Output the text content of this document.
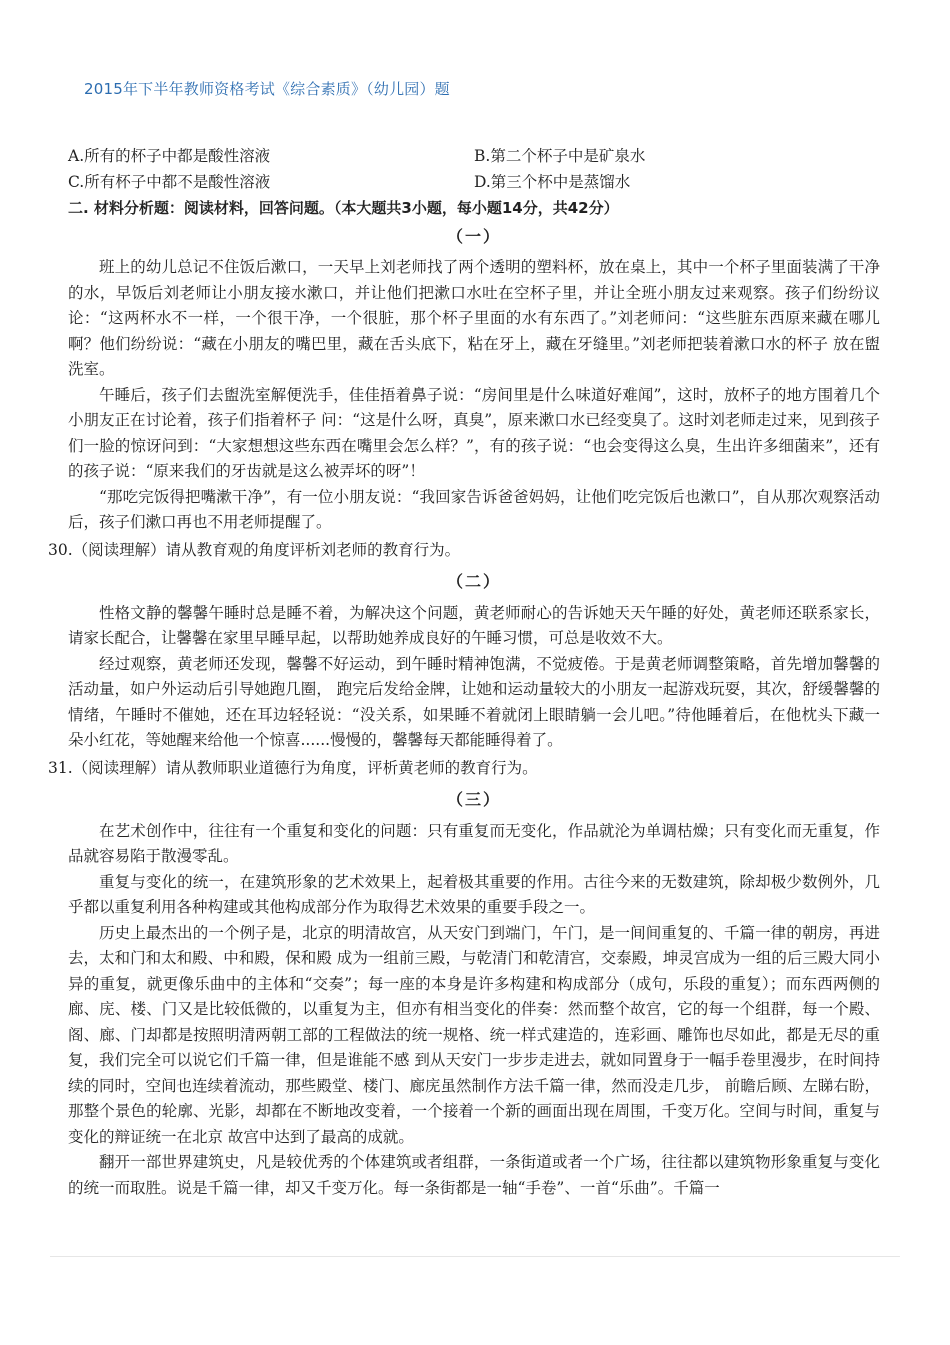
2015年下半年教师资格考试《综合素质》（幼儿园）题
A.所有的杯子中都是酸性溶液	B.第二个杯子中是矿泉水
C.所有杯子中都不是酸性溶液	D.第三个杯中是蒸馏水
二. 材料分析题：阅读材料，回答问题。（本大题共3小题，每小题14分，共42分）
（一）

班上的幼儿总记不住饭后漱口，一天早上刘老师找了两个透明的塑料杯，放在桌上，其中一个杯子里面装满了干净的水，早饭后刘老师让小朋友接水漱口，并让他们把漱口水吐在空杯子里，并让全班小朋友过来观察。孩子们纷纷议论：“这两杯水不一样，一个很干净，一个很脏，那个杯子里面的水有东西了。”刘老师问：“这些脏东西原来藏在哪儿啊？他们纷纷说：“藏在小朋友的嘴巴里，藏在舌头底下，粘在牙上，藏在牙缝里。”刘老师把装着漱口水的杯子 放在盥洗室。

午睡后，孩子们去盥洗室解便洗手，佳佳捂着鼻子说：“房间里是什么味道好难闻”，这时，放杯子的地方围着几个小朋友正在讨论着，孩子们指着杯子 问：“这是什么呀，真臭”，原来漱口水已经变臭了。这时刘老师走过来，见到孩子们一脸的惊讶问到：“大家想想这些东西在嘴里会怎么样？”，有的孩子说：“也会变得这么臭，生出许多细菌来”，还有的孩子说：“原来我们的牙齿就是这么被弄坏的呀”！

“那吃完饭得把嘴漱干净”，有一位小朋友说：“我回家告诉爸爸妈妈，让他们吃完饭后也漱口”，自从那次观察活动后，孩子们漱口再也不用老师提醒了。

30.（阅读理解）请从教育观的角度评析刘老师的教育行为。

（二）

性格文静的馨馨午睡时总是睡不着，为解决这个问题，黄老师耐心的告诉她天天午睡的好处，黄老师还联系家长，请家长配合，让馨馨在家里早睡早起，以帮助她养成良好的午睡习惯，可总是收效不大。

经过观察，黄老师还发现，馨馨不好运动，到午睡时精神饱满，不觉疲倦。于是黄老师调整策略，首先增加馨馨的活动量，如户外运动后引导她跑几圈， 跑完后发给金牌，让她和运动量较大的小朋友一起游戏玩耍，其次，舒缓馨馨的情绪，午睡时不催她，还在耳边轻轻说：“没关系，如果睡不着就闭上眼睛躺一会儿吧。”待他睡着后，在他枕头下藏一朵小红花，等她醒来给他一个惊喜......慢慢的，馨馨每天都能睡得着了。

31.（阅读理解）请从教师职业道德行为角度，评析黄老师的教育行为。

（三）

在艺术创作中，往往有一个重复和变化的问题：只有重复而无变化，作品就沦为单调枯燥；只有变化而无重复，作品就容易陷于散漫零乱。

重复与变化的统一，在建筑形象的艺术效果上，起着极其重要的作用。古往今来的无数建筑，除却极少数例外，几乎都以重复利用各种构建或其他构成部分作为取得艺术效果的重要手段之一。

历史上最杰出的一个例子是，北京的明清故宫，从天安门到端门，午门，是一间间重复的、千篇一律的朝房，再进去，太和门和太和殿、中和殿，保和殿 成为一组前三殿，与乾清门和乾清宫，交泰殿，坤灵宫成为一组的后三殿大同小异的重复，就更像乐曲中的主体和“交奏”；每一座的本身是许多构建和构成部分（成句，乐段的重复）；而东西两侧的廊、庑、楼、门又是比较低微的，以重复为主，但亦有相当变化的伴奏：然而整个故宫，它的每一个组群，每一个殿、阁、廊、门却都是按照明清两朝工部的工程做法的统一规格、统一样式建造的，连彩画、雕饰也尽如此，都是无尽的重复，我们完全可以说它们千篇一律，但是谁能不感 到从天安门一步步走进去，就如同置身于一幅手卷里漫步，在时间持续的同时，空间也连续着流动，那些殿堂、楼门、廊庑虽然制作方法千篇一律，然而没走几步， 前瞻后顾、左睇右盼，那整个景色的轮廓、光影，却都在不断地改变着，一个接着一个新的画面出现在周围，千变万化。空间与时间，重复与变化的辩证统一在北京 故宫中达到了最高的成就。

翻开一部世界建筑史，凡是较优秀的个体建筑或者组群，一条街道或者一个广场，往往都以建筑物形象重复与变化的统一而取胜。说是千篇一律，却又千变万化。每一条街都是一轴“手卷”、一首“乐曲”。千篇一
